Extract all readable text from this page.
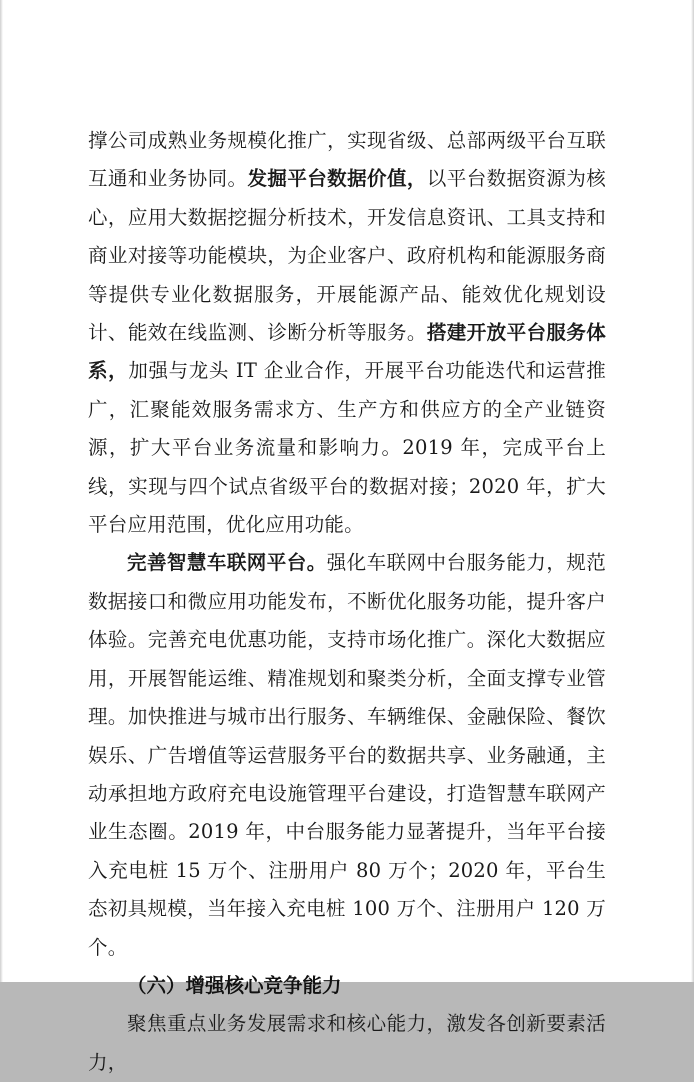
撑公司成熟业务规模化推广，实现省级、总部两级平台互联互通和业务协同。发掘平台数据价值，以平台数据资源为核心，应用大数据挖掘分析技术，开发信息资讯、工具支持和商业对接等功能模块，为企业客户、政府机构和能源服务商等提供专业化数据服务，开展能源产品、能效优化规划设计、能效在线监测、诊断分析等服务。搭建开放平台服务体系，加强与龙头 IT 企业合作，开展平台功能迭代和运营推广，汇聚能效服务需求方、生产方和供应方的全产业链资源，扩大平台业务流量和影响力。2019 年，完成平台上线，实现与四个试点省级平台的数据对接；2020 年，扩大平台应用范围，优化应用功能。

完善智慧车联网平台。强化车联网中台服务能力，规范数据接口和微应用功能发布，不断优化服务功能，提升客户体验。完善充电优惠功能，支持市场化推广。深化大数据应用，开展智能运维、精准规划和聚类分析，全面支撑专业管理。加快推进与城市出行服务、车辆维保、金融保险、餐饮娱乐、广告增值等运营服务平台的数据共享、业务融通，主动承担地方政府充电设施管理平台建设，打造智慧车联网产业生态圈。2019 年，中台服务能力显著提升，当年平台接入充电桩 15 万个、注册用户 80 万个；2020 年，平台生态初具规模，当年接入充电桩 100 万个、注册用户 120 万个。

（六）增强核心竞争能力

聚焦重点业务发展需求和核心能力，激发各创新要素活力，
